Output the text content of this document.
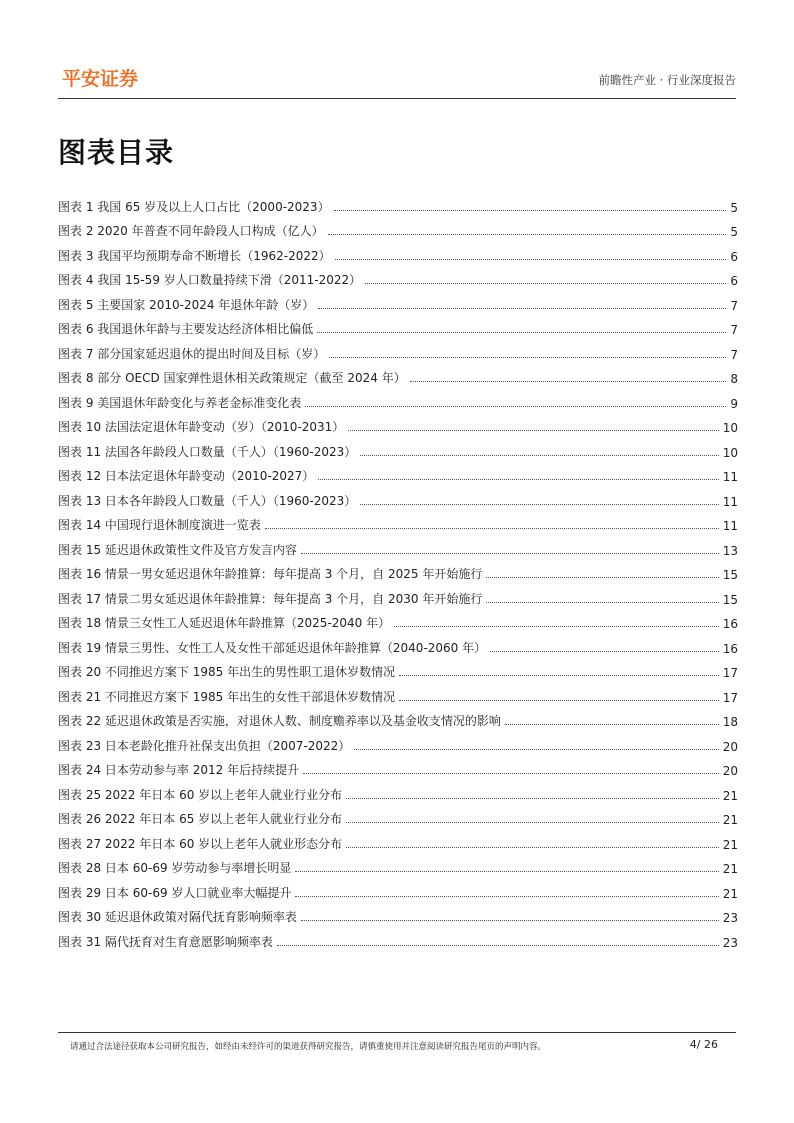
平安证券	前瞻性产业 · 行业深度报告
图表目录
图表 1 我国 65 岁及以上人口占比（2000-2023）	5
图表 2 2020 年普查不同年龄段人口构成（亿人）	5
图表 3 我国平均预期寿命不断增长（1962-2022）	6
图表 4 我国 15-59 岁人口数量持续下滑（2011-2022）	6
图表 5 主要国家 2010-2024 年退休年龄（岁）	7
图表 6 我国退休年龄与主要发达经济体相比偏低	7
图表 7 部分国家延迟退休的提出时间及目标（岁）	7
图表 8 部分 OECD 国家弹性退休相关政策规定（截至 2024 年）	8
图表 9 美国退休年龄变化与养老金标准变化表	9
图表 10 法国法定退休年龄变动（岁）（2010-2031）	10
图表 11 法国各年龄段人口数量（千人）（1960-2023）	10
图表 12 日本法定退休年龄变动（2010-2027）	11
图表 13 日本各年龄段人口数量（千人）（1960-2023）	11
图表 14 中国现行退休制度演进一览表	11
图表 15 延迟退休政策性文件及官方发言内容	13
图表 16 情景一男女延迟退休年龄推算：每年提高 3 个月，自 2025 年开始施行	15
图表 17 情景二男女延迟退休年龄推算：每年提高 3 个月，自 2030 年开始施行	15
图表 18 情景三女性工人延迟退休年龄推算（2025-2040 年）	16
图表 19 情景三男性、女性工人及女性干部延迟退休年龄推算（2040-2060 年）	16
图表 20 不同推迟方案下 1985 年出生的男性职工退休岁数情况	17
图表 21 不同推迟方案下 1985 年出生的女性干部退休岁数情况	17
图表 22 延迟退休政策是否实施，对退休人数、制度赡养率以及基金收支情况的影响	18
图表 23 日本老龄化推升社保支出负担（2007-2022）	20
图表 24 日本劳动参与率 2012 年后持续提升	20
图表 25 2022 年日本 60 岁以上老年人就业行业分布	21
图表 26 2022 年日本 65 岁以上老年人就业行业分布	21
图表 27 2022 年日本 60 岁以上老年人就业形态分布	21
图表 28 日本 60-69 岁劳动参与率增长明显	21
图表 29 日本 60-69 岁人口就业率大幅提升	21
图表 30 延迟退休政策对隔代抚育影响频率表	23
图表 31 隔代抚育对生育意愿影响频率表	23
请通过合法途径获取本公司研究报告，如经由未经许可的渠道获得研究报告，请慎重使用并注意阅读研究报告尾页的声明内容。	4/ 26
